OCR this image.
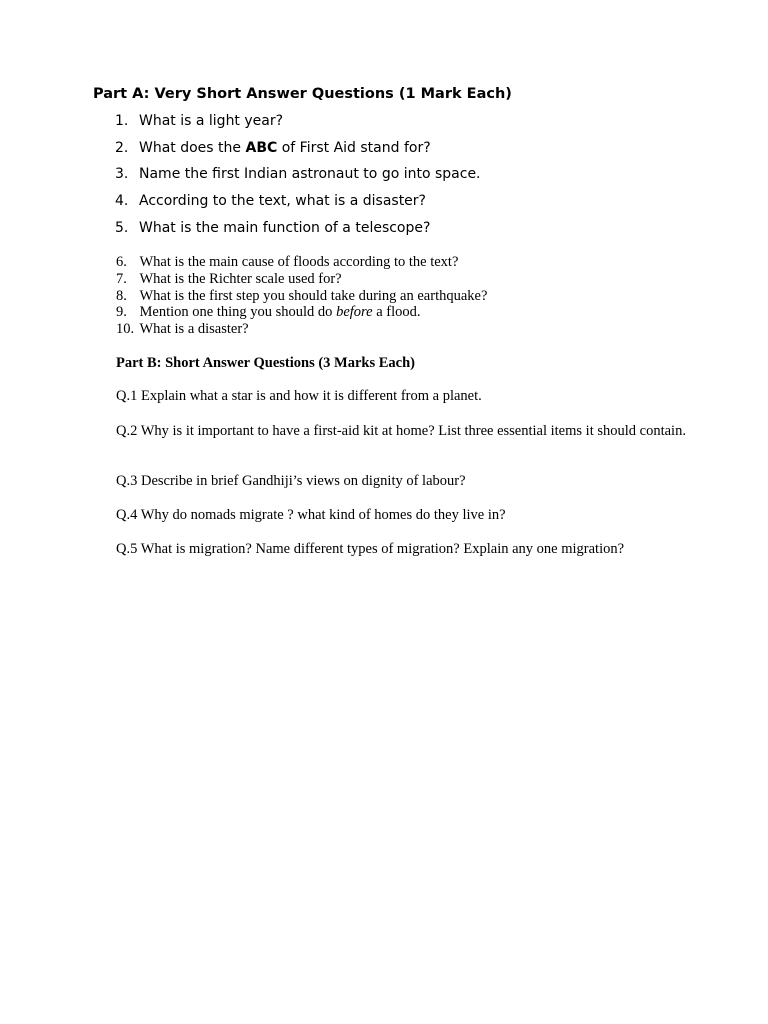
Part A: Very Short Answer Questions (1 Mark Each)
1. What is a light year?
2. What does the ABC of First Aid stand for?
3. Name the first Indian astronaut to go into space.
4. According to the text, what is a disaster?
5. What is the main function of a telescope?
6. What is the main cause of floods according to the text?
7. What is the Richter scale used for?
8. What is the first step you should take during an earthquake?
9. Mention one thing you should do before a flood.
10. What is a disaster?
Part B: Short Answer Questions (3 Marks Each)
Q.1 Explain what a star is and how it is different from a planet.
Q.2 Why is it important to have a first-aid kit at home? List three essential items it should contain.
Q.3 Describe in brief Gandhiji’s views on dignity of labour?
Q.4 Why do nomads migrate ? what kind of homes do they live in?
Q.5 What is migration? Name different types of migration? Explain any one migration?
